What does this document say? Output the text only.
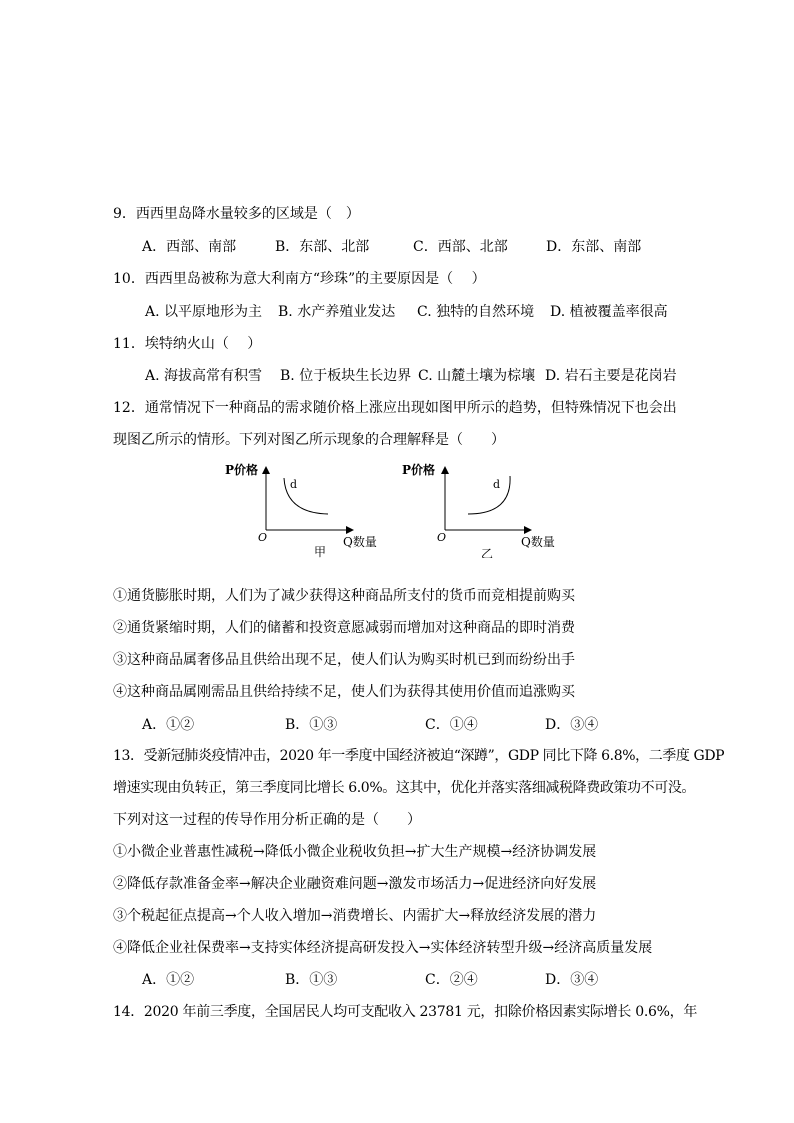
9．西西里岛降水量较多的区域是（　）
A．西部、南部	B．东部、北部	C．西部、北部	D．东部、南部
10．西西里岛被称为意大利南方“珍珠”的主要原因是（　 ）
A. 以平原地形为主 B. 水产养殖业发达 C. 独特的自然环境 D. 植被覆盖率很高
11．埃特纳火山（　 ）
A. 海拔高常有积雪 B. 位于板块生长边界 C. 山麓土壤为棕壤 D. 岩石主要是花岗岩
12．通常情况下一种商品的需求随价格上涨应出现如图甲所示的趋势，但特殊情况下也会出
现图乙所示的情形。下列对图乙所示现象的合理解释是（　　）
P价格
d
O	Q数量
甲
P价格
d
O	Q数量
乙
①通货膨胀时期，人们为了减少获得这种商品所支付的货币而竞相提前购买
②通货紧缩时期，人们的储蓄和投资意愿减弱而增加对这种商品的即时消费
③这种商品属奢侈品且供给出现不足，使人们认为购买时机已到而纷纷出手
④这种商品属刚需品且供给持续不足，使人们为获得其使用价值而追涨购买
A．①②	B．①③	C．①④	D．③④
13．受新冠肺炎疫情冲击，2020 年一季度中国经济被迫“深蹲”，GDP 同比下降 6.8%，二季度 GDP
增速实现由负转正，第三季度同比增长 6.0%。这其中，优化并落实落细减税降费政策功不可没。
下列对这一过程的传导作用分析正确的是（　　）
①小微企业普惠性减税→降低小微企业税收负担→扩大生产规模→经济协调发展
②降低存款准备金率→解决企业融资难问题→激发市场活力→促进经济向好发展
③个税起征点提高→个人收入增加→消费增长、内需扩大→释放经济发展的潜力
④降低企业社保费率→支持实体经济提高研发投入→实体经济转型升级→经济高质量发展
A．①②	B．①③	C．②④	D．③④
14．2020 年前三季度，全国居民人均可支配收入 23781 元，扣除价格因素实际增长 0.6%，年
